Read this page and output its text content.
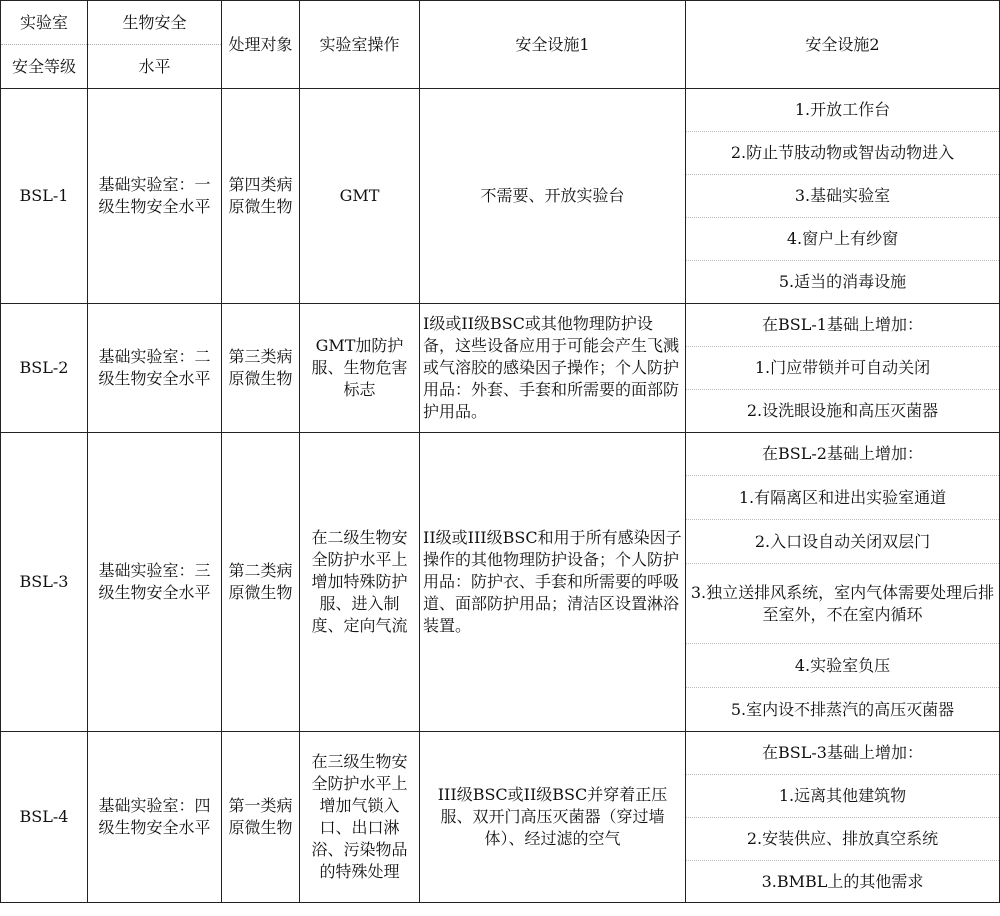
实验室	生物安全	处理对象	实验室操作	安全设施1	安全设施2
安全等级	水平				
BSL-1	基础实验室：一级生物安全水平	第四类病原微生物	GMT	不需要、开放实验台	1.开放工作台
					2.防止节肢动物或智齿动物进入
					3.基础实验室
					4.窗户上有纱窗
					5.适当的消毒设施
BSL-2	基础实验室：二级生物安全水平	第三类病原微生物	GMT加防护服、生物危害标志	I级或II级BSC或其他物理防护设备，这些设备应用于可能会产生飞溅或气溶胶的感染因子操作；个人防护用品：外套、手套和所需要的面部防护用品。	在BSL-1基础上增加：
					1.门应带锁并可自动关闭
					2.设洗眼设施和高压灭菌器
BSL-3	基础实验室：三级生物安全水平	第二类病原微生物	在二级生物安全防护水平上增加特殊防护服、进入制度、定向气流	II级或III级BSC和用于所有感染因子操作的其他物理防护设备；个人防护用品：防护衣、手套和所需要的呼吸道、面部防护用品；清洁区设置淋浴装置。	在BSL-2基础上增加：
					1.有隔离区和进出实验室通道
					2.入口设自动关闭双层门
					3.独立送排风系统，室内气体需要处理后排至室外，不在室内循环
					4.实验室负压
					5.室内设不排蒸汽的高压灭菌器
BSL-4	基础实验室：四级生物安全水平	第一类病原微生物	在三级生物安全防护水平上增加气锁入口、出口淋浴、污染物品的特殊处理	III级BSC或II级BSC并穿着正压服、双开门高压灭菌器（穿过墙体）、经过滤的空气	在BSL-3基础上增加：
					1.远离其他建筑物
					2.安装供应、排放真空系统
					3.BMBL上的其他需求
